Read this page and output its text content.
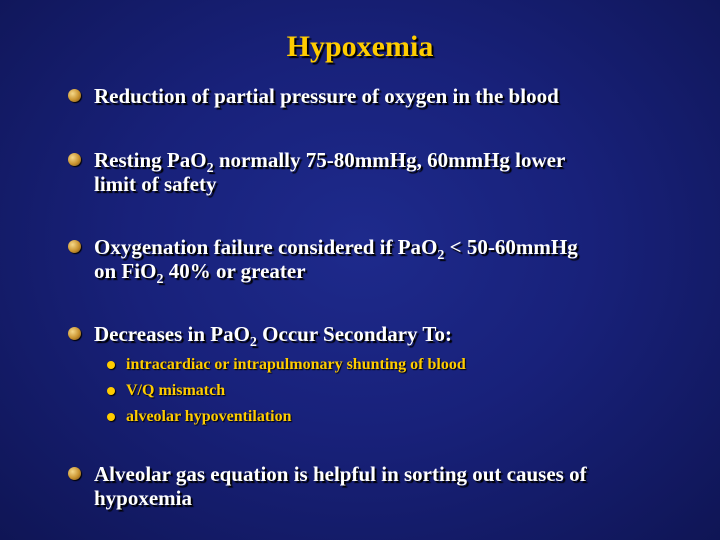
Hypoxemia
Reduction of partial pressure of oxygen in the blood
Resting PaO$_2$ normally 75-80mmHg, 60mmHg lower
limit of safety
Oxygenation failure considered if PaO$_2$ < 50-60mmHg
on FiO$_2$ 40% or greater
Decreases in PaO$_2$ Occur Secondary To:
intracardiac or intrapulmonary shunting of blood
V/Q mismatch
alveolar hypoventilation
Alveolar gas equation is helpful in sorting out causes of
hypoxemia
